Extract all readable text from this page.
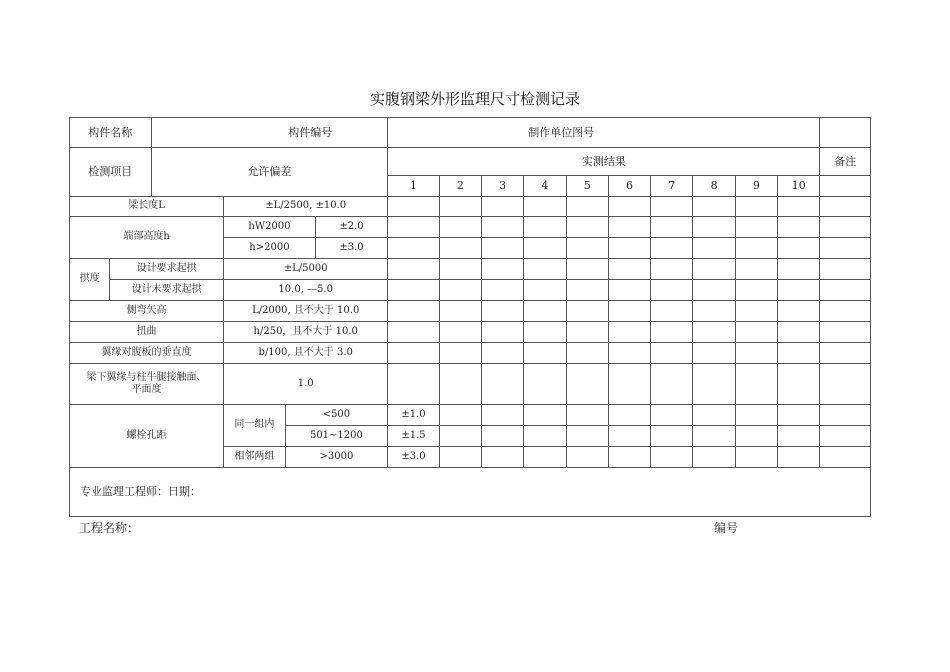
实腹钢梁外形监理尺寸检测记录
构件名称		构件编号				制作单位图号										
检测项目		允许偏差				实测结果										备注
						1	2	3	4	5	6	7	8	9	10	
梁长度L			±L/2500, ±10.0													
端部高度h			hW2000		±2.0											
			h>2000		±3.0											
拱度	设计要求起拱		±L/5000													
	设计未要求起拱		10.0, —5.0													
侧弯矢高			L/2000, 且不大于 10.0													
扭曲			h/250，且不大于 10.0													
翼缘对腹板的垂直度			b/100, 且不大于 3.0													
梁下翼缘与柱牛腿接触面、
平面度			1.0													
螺栓孔距			同一组内	<500		±1.0										
				501~1200		±1.5										
			相邻两组	>3000		±3.0										
专业监理工程师：日期：																
工程名称：	编号
